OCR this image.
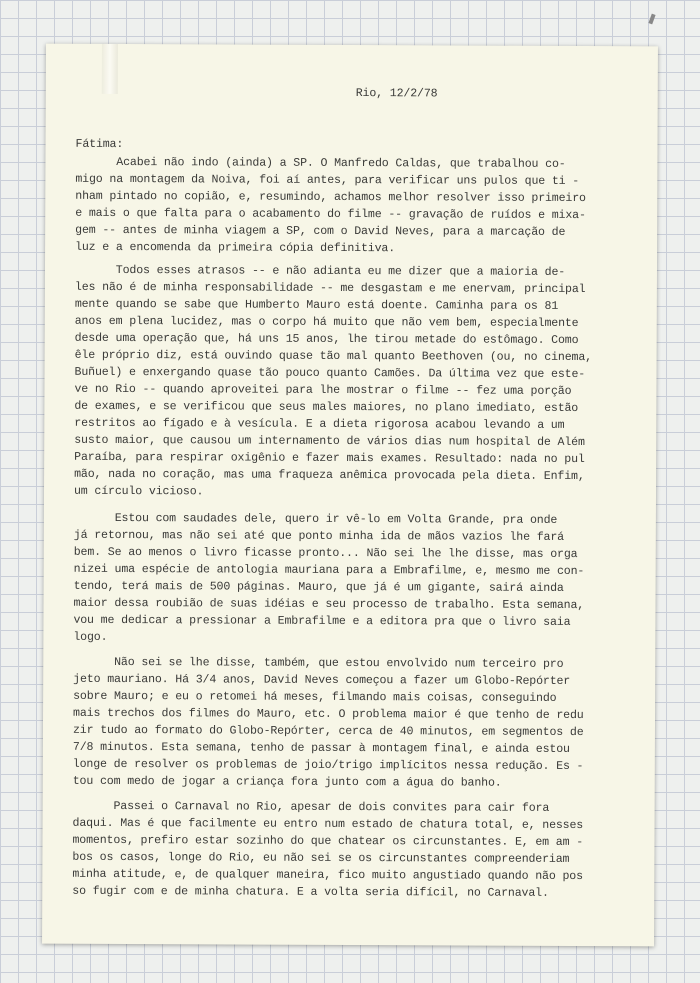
Rio, 12/2/78
Fátima:
Acabei não indo (ainda) a SP. O Manfredo Caldas, que trabalhou co-
migo na montagem da Noiva, foi aí antes, para verificar uns pulos que ti -
nham pintado no copião, e, resumindo, achamos melhor resolver isso primeiro
e mais o que falta para o acabamento do filme -- gravação de ruídos e mixa-
gem -- antes de minha viagem a SP, com o David Neves, para a marcação de
luz e a encomenda da primeira cópia definitiva.
Todos esses atrasos -- e não adianta eu me dizer que a maioria de-
les não é de minha responsabilidade -- me desgastam e me enervam, principal
mente quando se sabe que Humberto Mauro está doente. Caminha para os 81
anos em plena lucidez, mas o corpo há muito que não vem bem, especialmente
desde uma operação que, há uns 15 anos, lhe tirou metade do estômago. Como
êle próprio diz, está ouvindo quase tão mal quanto Beethoven (ou, no cinema,
Buñuel) e enxergando quase tão pouco quanto Camões. Da última vez que este-
ve no Rio -- quando aproveitei para lhe mostrar o filme -- fez uma porção
de exames, e se verificou que seus males maiores, no plano imediato, estão
restritos ao fígado e à vesícula. E a dieta rigorosa acabou levando a um
susto maior, que causou um internamento de vários dias num hospital de Além
Paraíba, para respirar oxigênio e fazer mais exames. Resultado: nada no pul
mão, nada no coração, mas uma fraqueza anêmica provocada pela dieta. Enfim,
um círculo vicioso.
Estou com saudades dele, quero ir vê-lo em Volta Grande, pra onde
já retornou, mas não sei até que ponto minha ida de mãos vazios lhe fará
bem. Se ao menos o livro ficasse pronto... Não sei lhe lhe disse, mas orga
nizei uma espécie de antologia mauriana para a Embrafilme, e, mesmo me con-
tendo, terá mais de 500 páginas. Mauro, que já é um gigante, sairá ainda
maior dessa roubião de suas idéias e seu processo de trabalho. Esta semana,
vou me dedicar a pressionar a Embrafilme e a editora pra que o livro saia
logo.
Não sei se lhe disse, também, que estou envolvido num terceiro pro
jeto mauriano. Há 3/4 anos, David Neves começou a fazer um Globo-Repórter
sobre Mauro; e eu o retomei há meses, filmando mais coisas, conseguindo
mais trechos dos filmes do Mauro, etc. O problema maior é que tenho de redu
zir tudo ao formato do Globo-Repórter, cerca de 40 minutos, em segmentos de
7/8 minutos. Esta semana, tenho de passar à montagem final, e ainda estou
longe de resolver os problemas de joio/trigo implícitos nessa redução. Es -
tou com medo de jogar a criança fora junto com a água do banho.
Passei o Carnaval no Rio, apesar de dois convites para cair fora
daqui. Mas é que facilmente eu entro num estado de chatura total, e, nesses
momentos, prefiro estar sozinho do que chatear os circunstantes. E, em am -
bos os casos, longe do Rio, eu não sei se os circunstantes compreenderiam
minha atitude, e, de qualquer maneira, fico muito angustiado quando não pos
so fugir com e de minha chatura. E a volta seria difícil, no Carnaval.
